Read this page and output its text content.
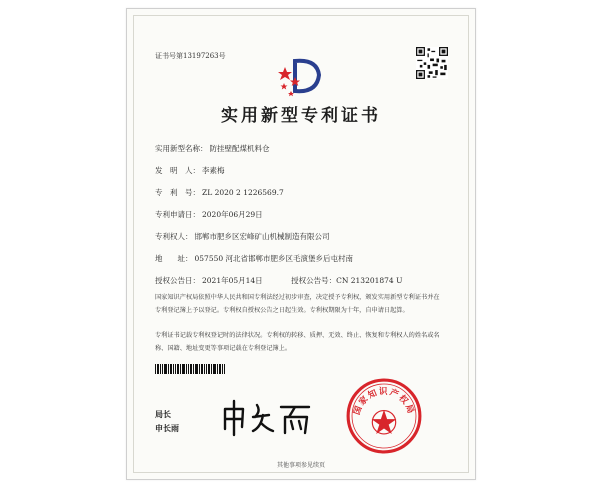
证书号第13197263号
实用新型专利证书
实用新型名称： 防挂壁配煤机料仓
发　明　人： 李素梅
专　利　号： ZL 2020 2 1226569.7
专利申请日： 2020年06月29日
专利权人： 邯郸市肥乡区宏峰矿山机械制造有限公司
地　　址： 057550 河北省邯郸市肥乡区毛演堡乡后屯村南
授权公告日： 2021年05月14日	授权公告号：CN 213201874 U
国家知识产权局依照中华人民共和国专利法经过初步审查，决定授予专利权，颁发实用新型专利证书并在专利登记簿上予以登记。专利权自授权公告之日起生效。专利权期限为十年，自申请日起算。
专利证书记载专利权登记时的法律状况。专利权的转移、质押、无效、终止、恢复和专利权人的姓名或名称、国籍、地址变更等事项记载在专利登记簿上。
局长
申长雨
国家知识产权局
其他事项参见续页
